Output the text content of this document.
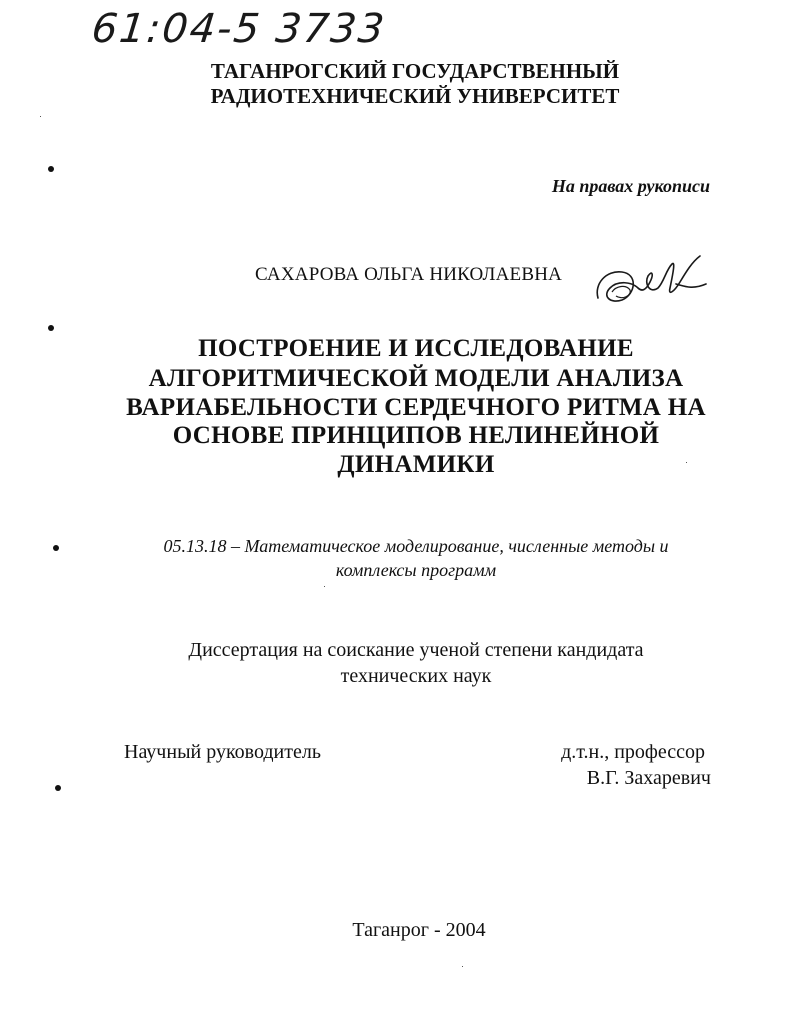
61:04-5 3733
ТАГАНРОГСКИЙ ГОСУДАРСТВЕННЫЙ
РАДИОТЕХНИЧЕСКИЙ УНИВЕРСИТЕТ
На правах рукописи
САХАРОВА ОЛЬГА НИКОЛАЕВНА
ПОСТРОЕНИЕ И ИССЛЕДОВАНИЕ
АЛГОРИТМИЧЕСКОЙ МОДЕЛИ АНАЛИЗА
ВАРИАБЕЛЬНОСТИ СЕРДЕЧНОГО РИТМА НА
ОСНОВЕ ПРИНЦИПОВ НЕЛИНЕЙНОЙ
ДИНАМИКИ
05.13.18 – Математическое моделирование, численные методы и
комплексы программ
Диссертация на соискание ученой степени кандидата
технических наук
Научный руководитель	д.т.н., профессор
В.Г. Захаревич
Таганрог - 2004
